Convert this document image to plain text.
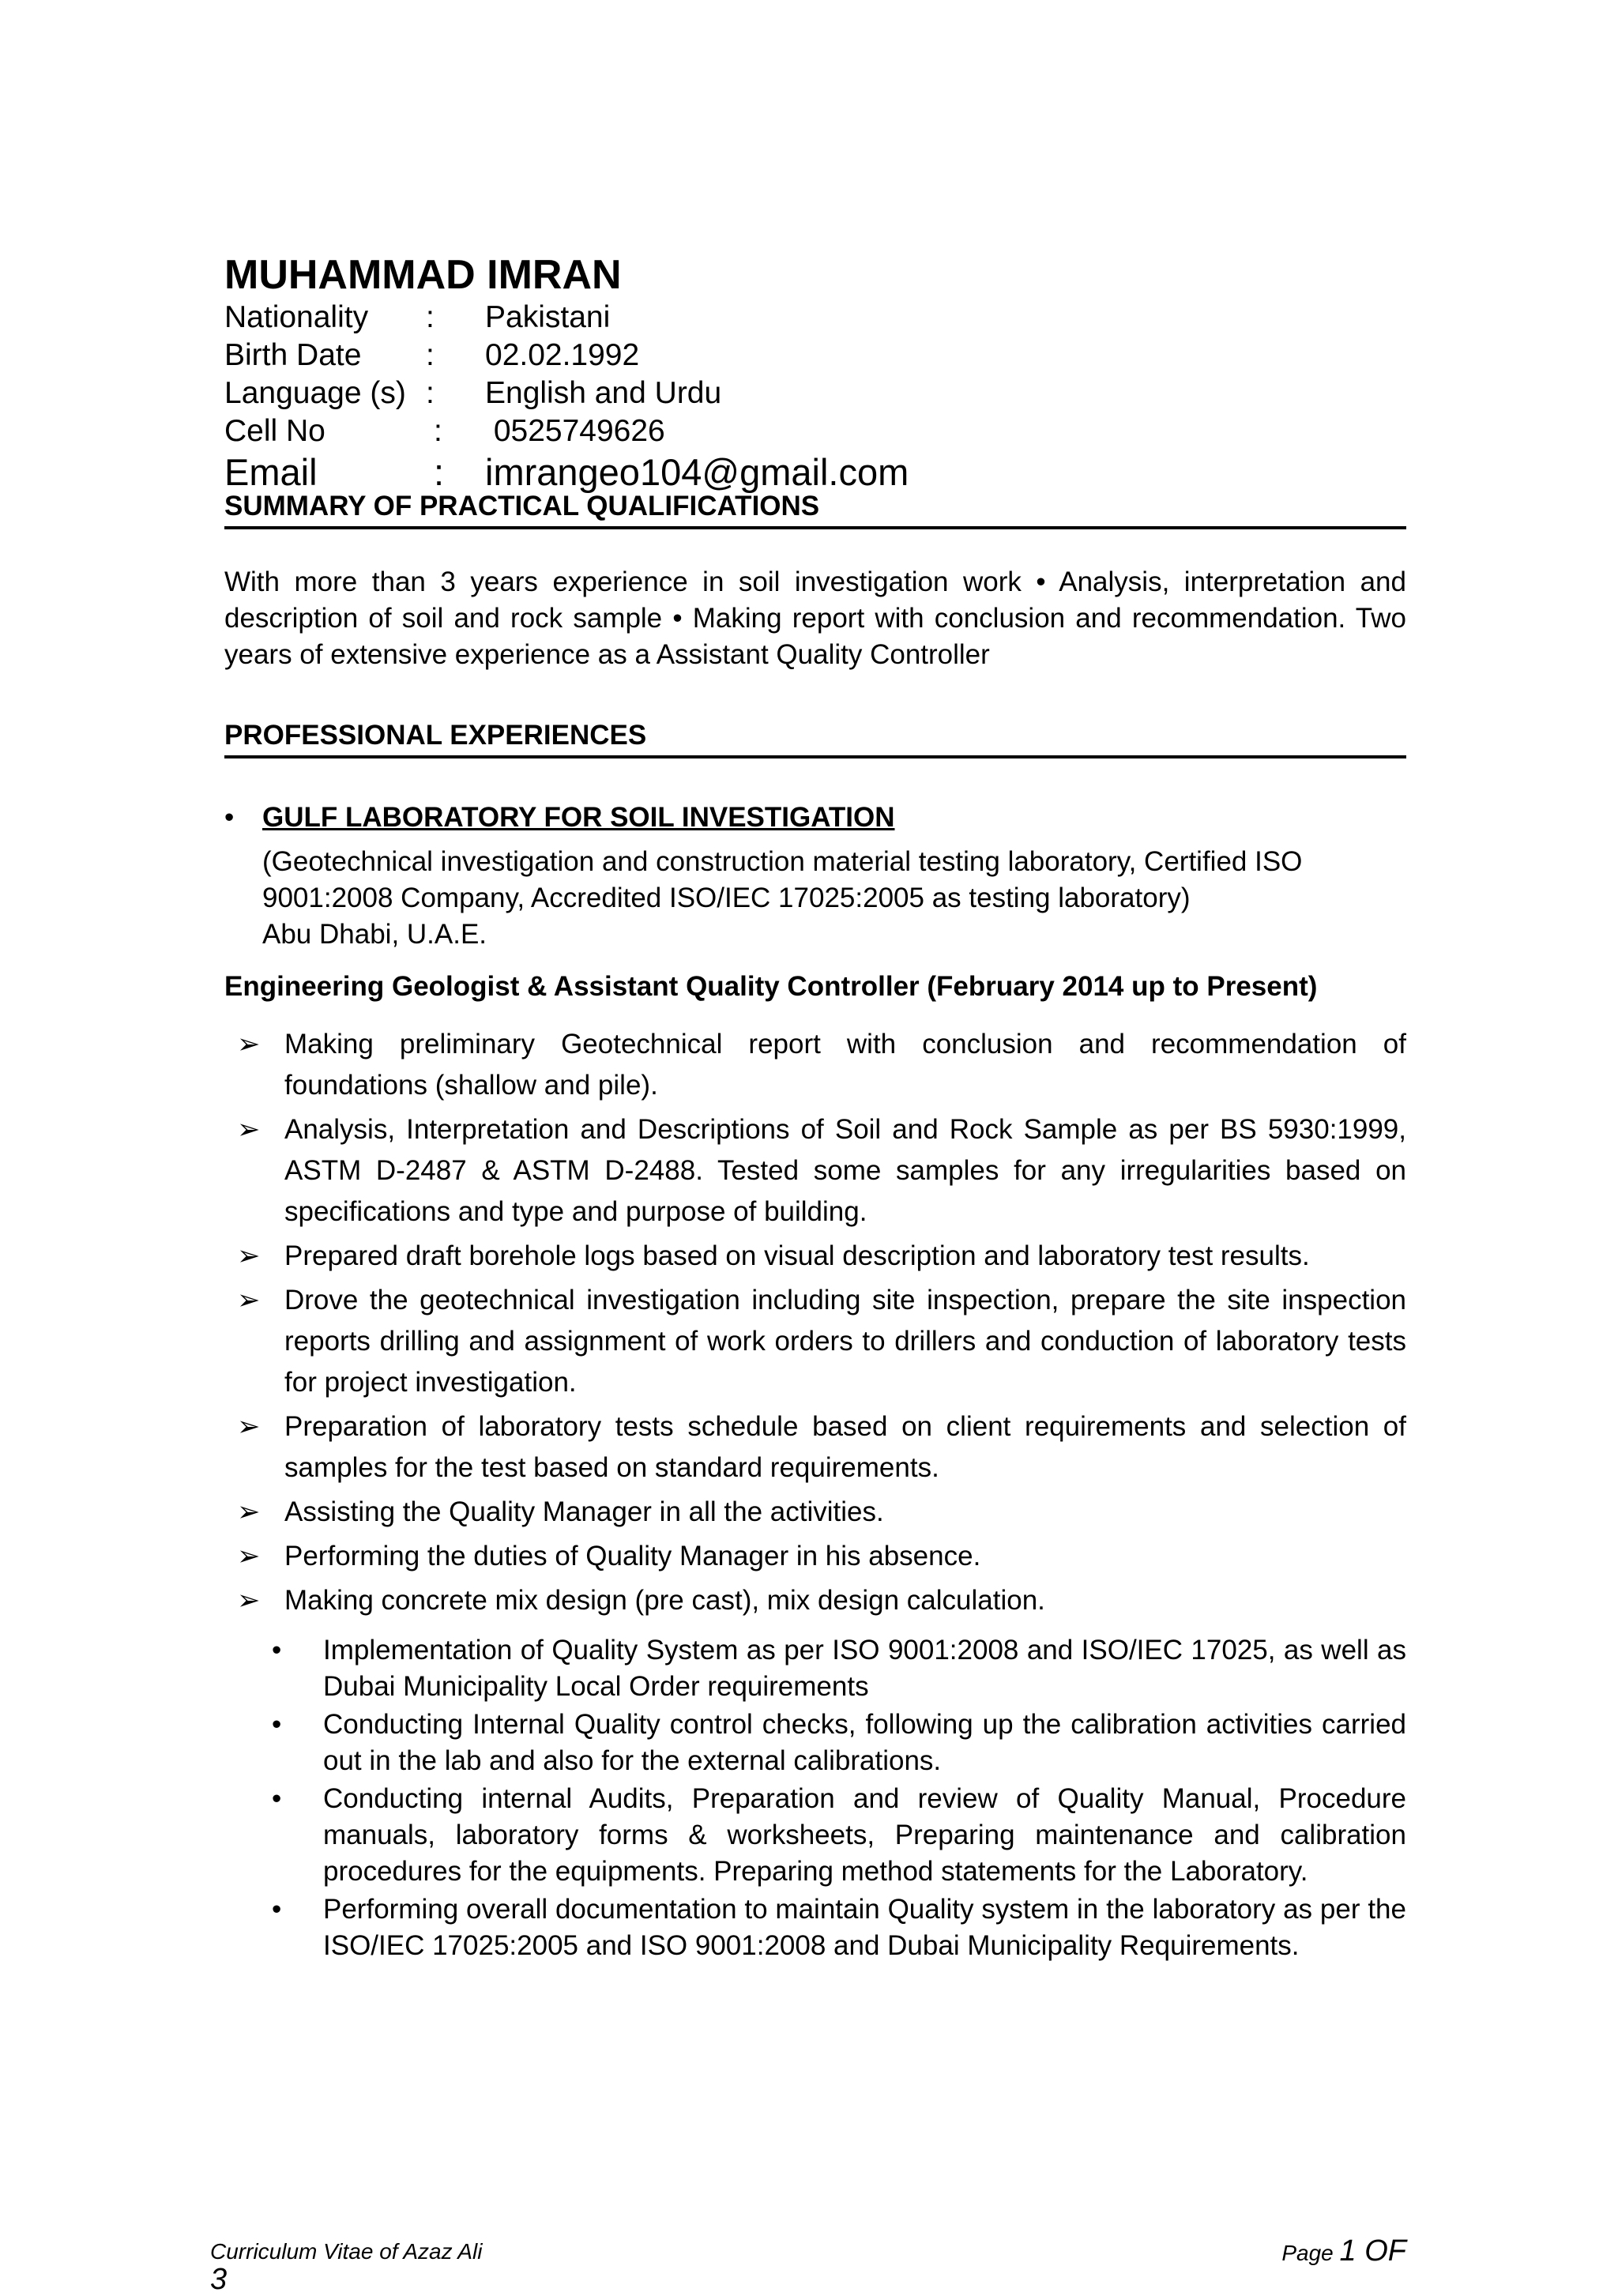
MUHAMMAD IMRAN
Nationality	:	Pakistani
Birth Date	:	02.02.1992
Language (s) :	English and Urdu
Cell No	:	0525749626
Email	:	imrangeo104@gmail.com
SUMMARY OF PRACTICAL QUALIFICATIONS

With more than 3 years experience in soil investigation work • Analysis, interpretation and description of soil and rock sample • Making report with conclusion and recommendation. Two years of extensive experience as a Assistant Quality Controller

PROFESSIONAL EXPERIENCES
•	GULF LABORATORY FOR SOIL INVESTIGATION
(Geotechnical investigation and construction material testing laboratory, Certified ISO 9001:2008 Company, Accredited ISO/IEC 17025:2005 as testing laboratory)
Abu Dhabi, U.A.E.
Engineering Geologist & Assistant Quality Controller (February 2014 up to Present)
➢ Making preliminary Geotechnical report with conclusion and recommendation of foundations (shallow and pile).
➢ Analysis, Interpretation and Descriptions of Soil and Rock Sample as per BS 5930:1999, ASTM D-2487 & ASTM D-2488. Tested some samples for any irregularities based on specifications and type and purpose of building.
➢ Prepared draft borehole logs based on visual description and laboratory test results.
➢ Drove the geotechnical investigation including site inspection, prepare the site inspection reports drilling and assignment of work orders to drillers and conduction of laboratory tests for project investigation.
➢ Preparation of laboratory tests schedule based on client requirements and selection of samples for the test based on standard requirements.
➢ Assisting the Quality Manager in all the activities.
➢ Performing the duties of Quality Manager in his absence.
➢ Making concrete mix design (pre cast), mix design calculation.
•	Implementation of Quality System as per ISO 9001:2008 and ISO/IEC 17025, as well as Dubai Municipality Local Order requirements
•	Conducting Internal Quality control checks, following up the calibration activities carried out in the lab and also for the external calibrations.
•	Conducting internal Audits, Preparation and review of Quality Manual, Procedure manuals, laboratory forms & worksheets, Preparing maintenance and calibration procedures for the equipments. Preparing method statements for the Laboratory.
•	Performing overall documentation to maintain Quality system in the laboratory as per the ISO/IEC 17025:2005 and ISO 9001:2008 and Dubai Municipality Requirements.
Curriculum Vitae of Azaz Ali	Page 1 OF
3
